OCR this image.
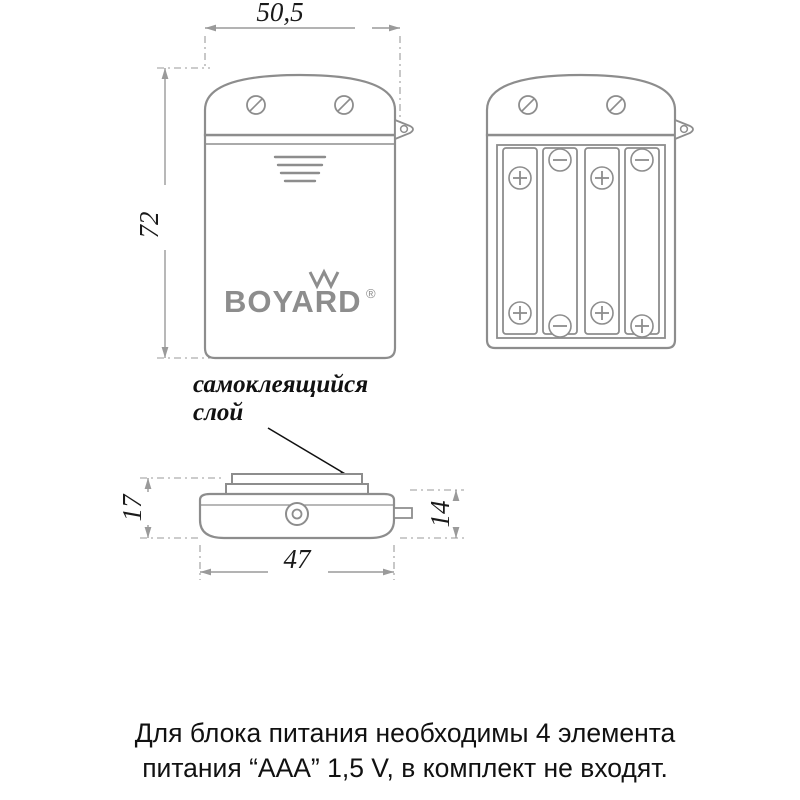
50,5
72
BOYARD ®
самоклеящийся
слой
17	14
47
Для блока питания необходимы 4 элемента
питания “AAA” 1,5 V, в комплект не входят.
